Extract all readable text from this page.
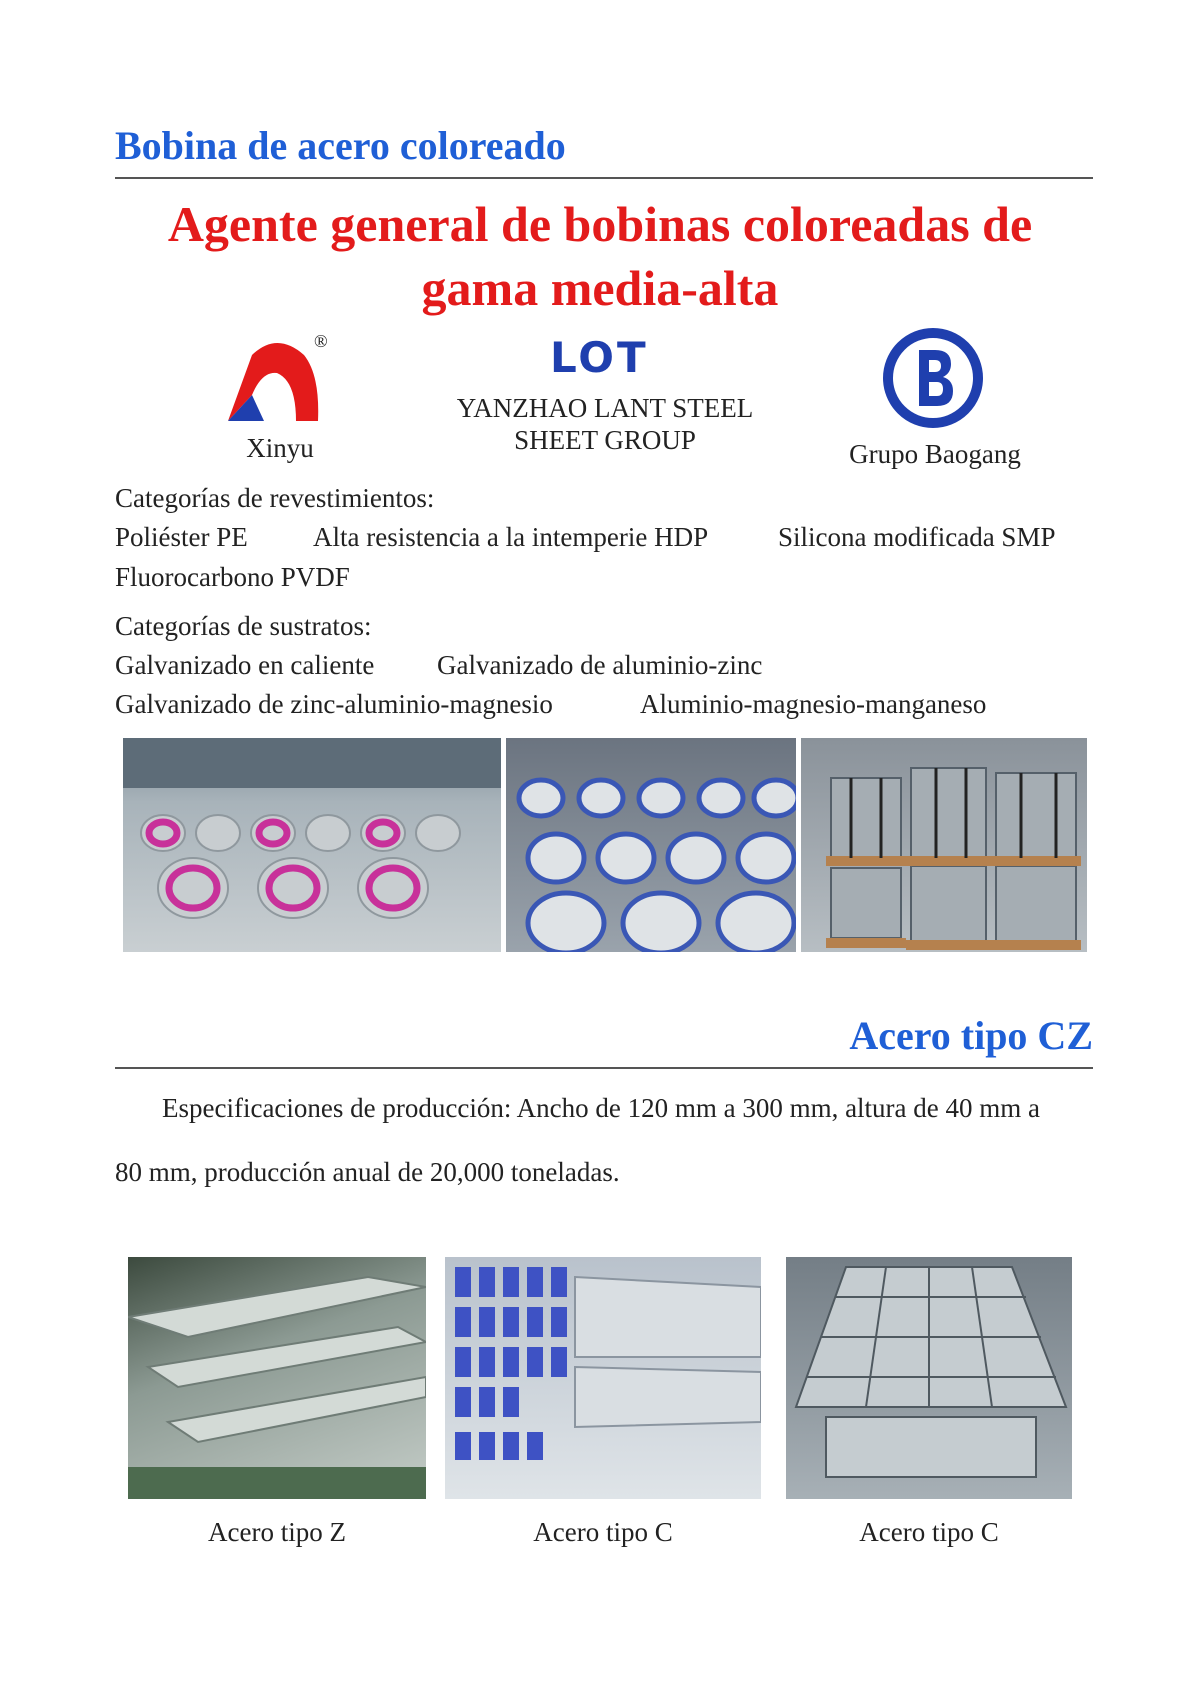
Bobina de acero coloreado
Agente general de bobinas coloreadas de
gama media-alta
®
Xinyu
LOT
YANZHAO LANT STEEL
SHEET GROUP	Grupo Baogang
Categorías de revestimientos:
Poliéster PE Alta resistencia a la intemperie HDP	Silicona modificada SMP
Fluorocarbono PVDF
Categorías de sustratos:
Galvanizado en caliente Galvanizado de aluminio-zinc
Galvanizado de zinc-aluminio-magnesio	Aluminio-magnesio-manganeso
Acero tipo CZ
Especificaciones de producción: Ancho de 120 mm a 300 mm, altura de 40 mm a
80 mm, producción anual de 20,000 toneladas.
Acero tipo Z	Acero tipo C	Acero tipo C
